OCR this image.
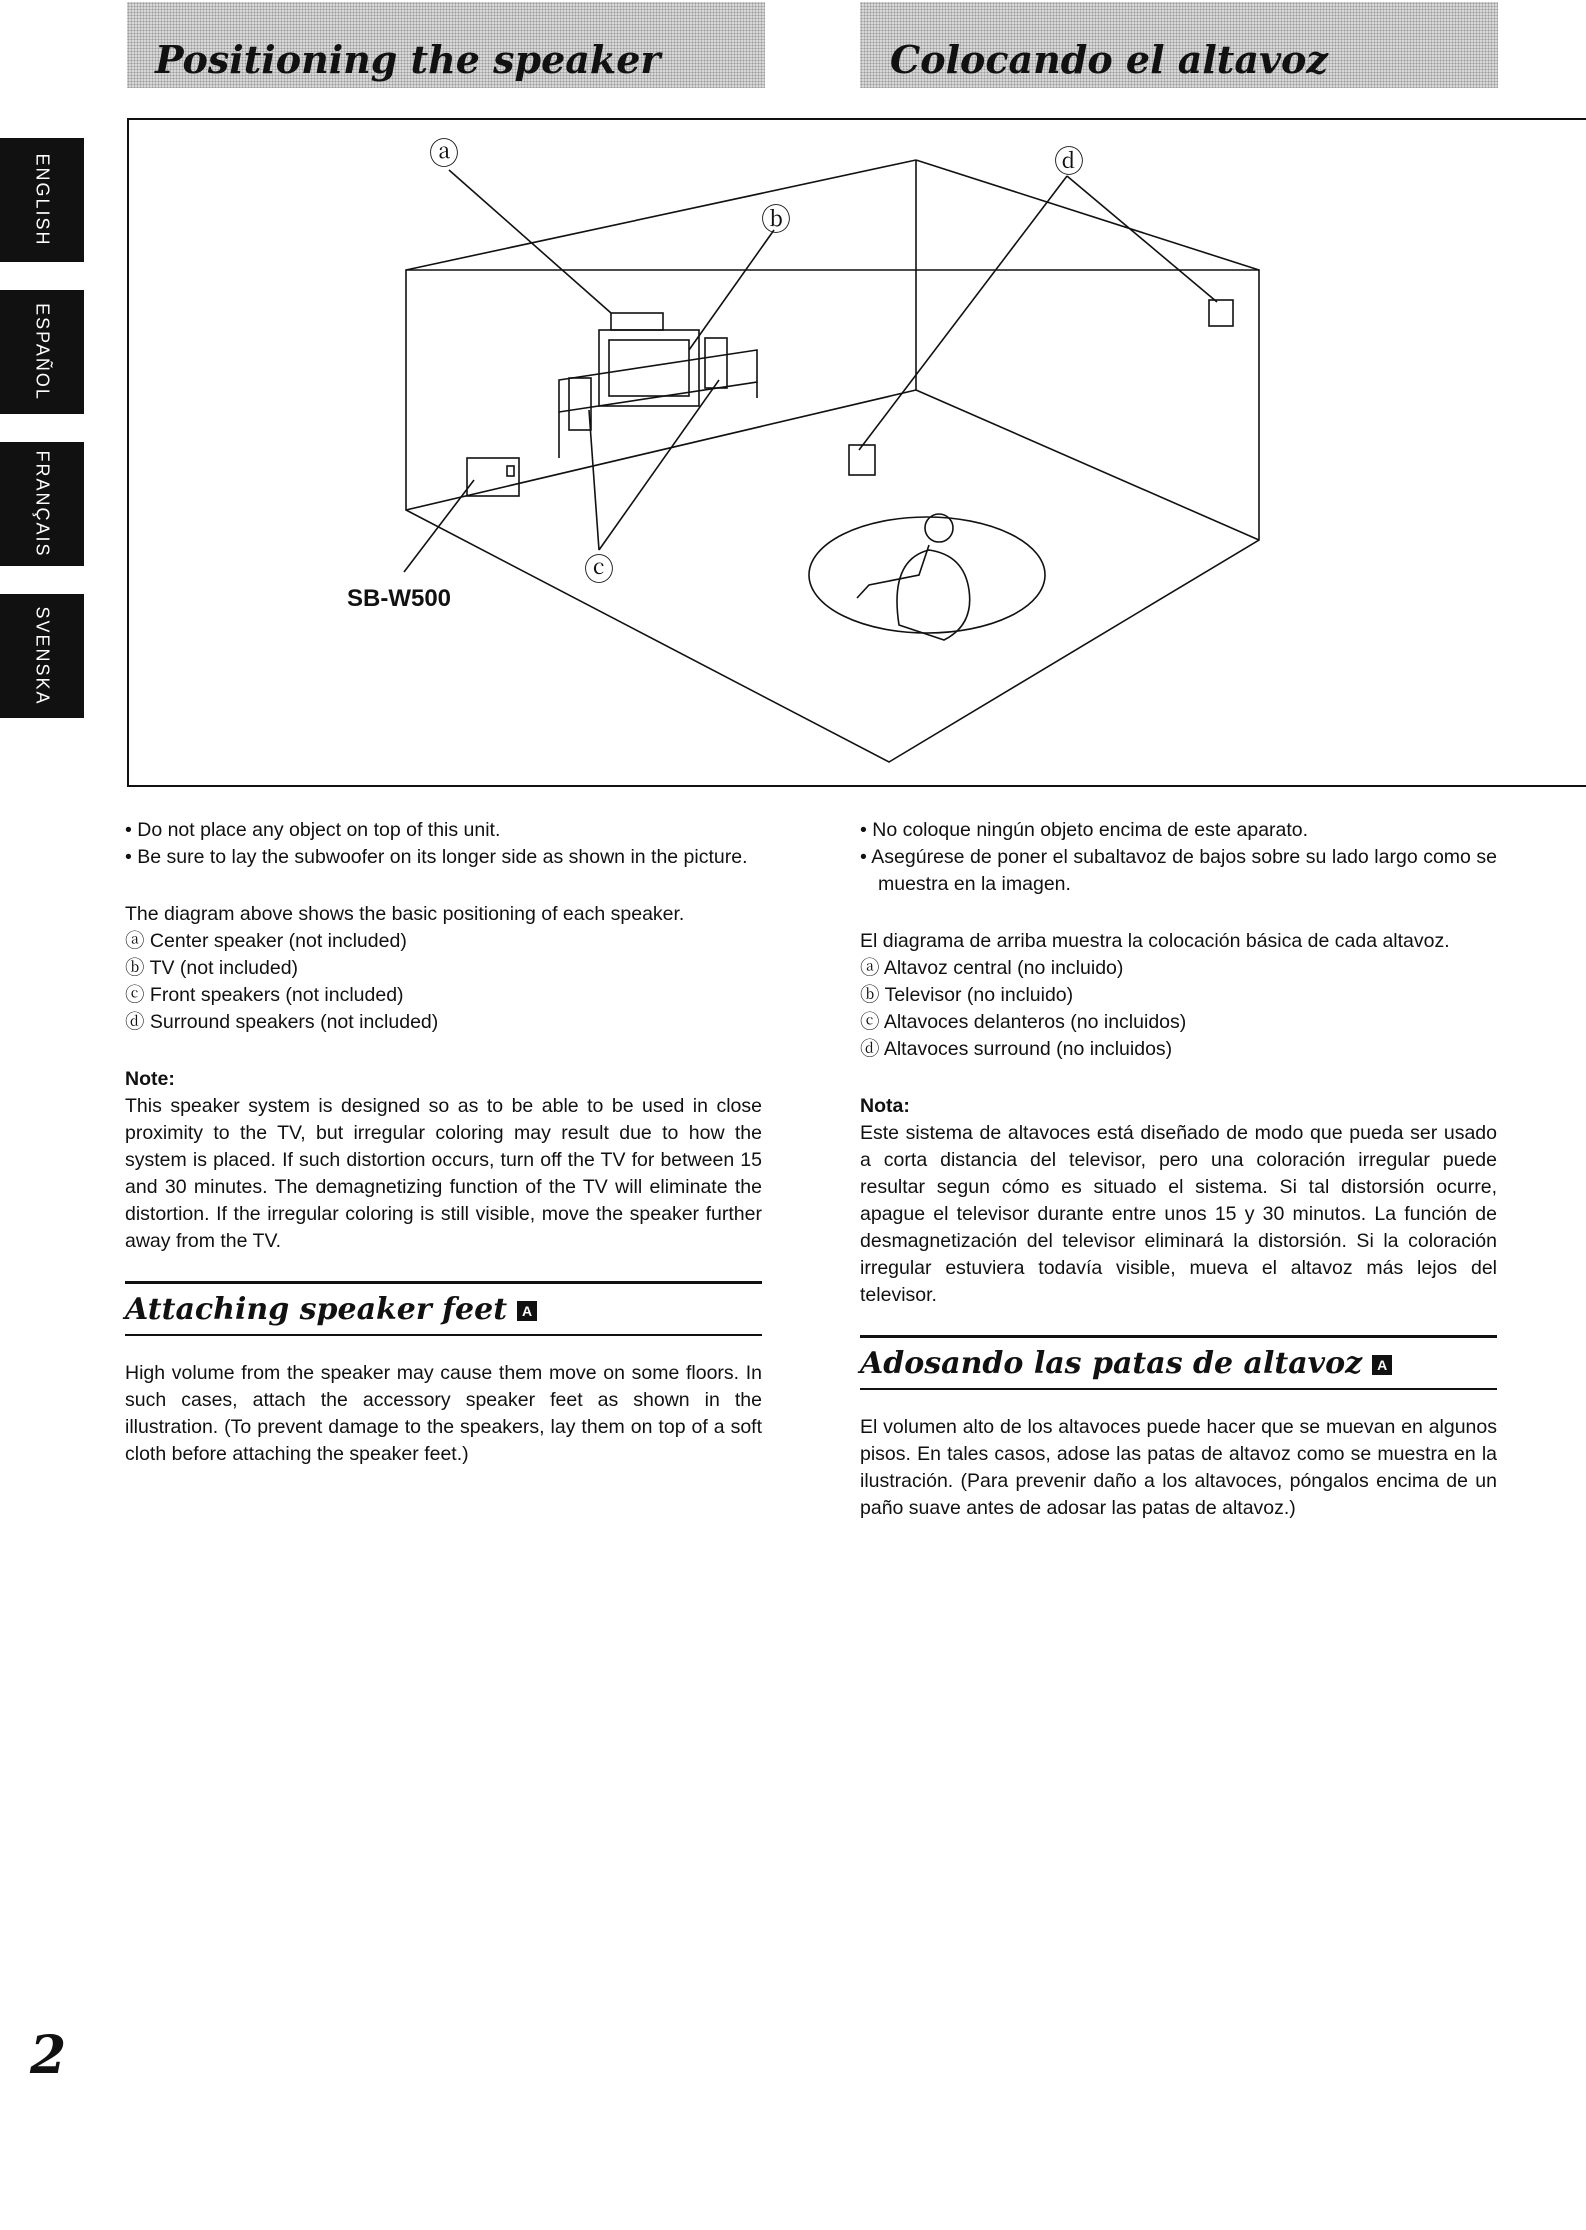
Positioning the speaker	Colocando el altavoz
ENGLISH
ESPAÑOL
FRANÇAIS
SVENSKA
ⓐ
ⓑ
ⓒ
ⓓ
SB-W500

• Do not place any object on top of this unit.

• Be sure to lay the subwoofer on its longer side as shown in the picture.

The diagram above shows the basic positioning of each speaker.

ⓐ Center speaker (not included)

ⓑ TV (not included)

ⓒ Front speakers (not included)

ⓓ Surround speakers (not included)

Note:

This speaker system is designed so as to be able to be used in close proximity to the TV, but irregular coloring may result due to how the system is placed. If such distortion occurs, turn off the TV for between 15 and 30 minutes. The demagnetizing function of the TV will eliminate the distortion. If the irregular coloring is still visible, move the speaker further away from the TV.

Attaching speaker feet A

High volume from the speaker may cause them move on some floors. In such cases, attach the accessory speaker feet as shown in the illustration. (To prevent damage to the speakers, lay them on top of a soft cloth before attaching the speaker feet.)

• No coloque ningún objeto encima de este aparato.

• Asegúrese de poner el subaltavoz de bajos sobre su lado largo como se muestra en la imagen.

El diagrama de arriba muestra la colocación básica de cada altavoz.

ⓐ Altavoz central (no incluido)

ⓑ Televisor (no incluido)

ⓒ Altavoces delanteros (no incluidos)

ⓓ Altavoces surround (no incluidos)

Nota:

Este sistema de altavoces está diseñado de modo que pueda ser usado a corta distancia del televisor, pero una coloración irregular puede resultar segun cómo es situado el sistema. Si tal distorsión ocurre, apague el televisor durante entre unos 15 y 30 minutos. La función de desmagnetización del televisor eliminará la distorsión. Si la coloración irregular estuviera todavía visible, mueva el altavoz más lejos del televisor.

Adosando las patas de altavoz A

El volumen alto de los altavoces puede hacer que se muevan en algunos pisos. En tales casos, adose las patas de altavoz como se muestra en la ilustración. (Para prevenir daño a los altavoces, póngalos encima de un paño suave antes de adosar las patas de altavoz.)

2
